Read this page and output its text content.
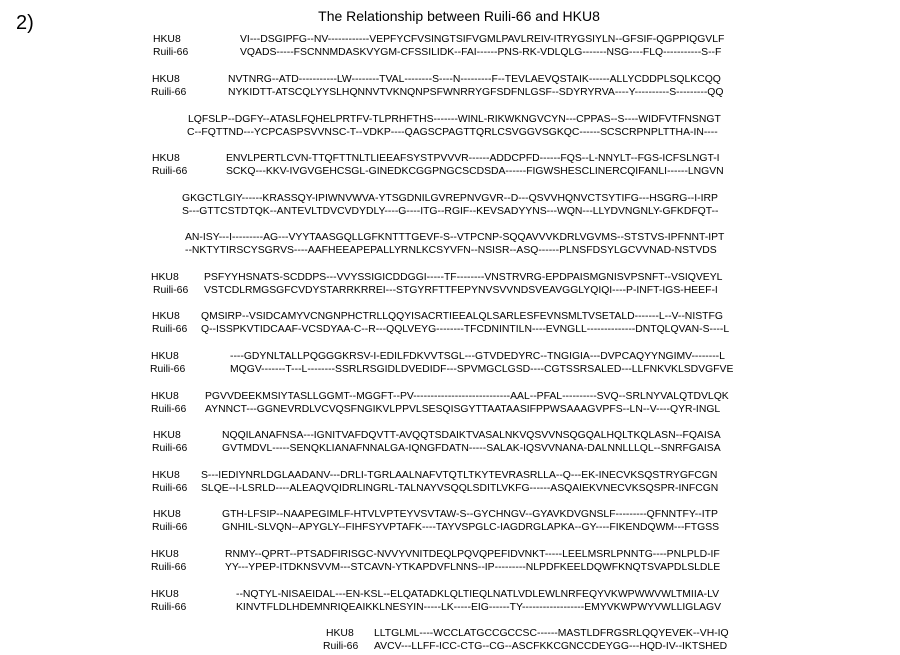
2)	The Relationship between Ruili-66 and HKU8
HKU8	VI---DSGIPFG--NV------------VEPFYCFVSINGTSIFVGMLPAVLREIV-ITRYGSIYLN--GFSIF-QGPPIQGVLF
Ruili-66	VQADS-----FSCNNMDASKVYGM-CFSSILIDK--FAI------PNS-RK-VDLQLG-------NSG----FLQ-----------S--F
HKU8	NVTNRG--ATD-----------LW--------TVAL--------S----N---------F--TEVLAEVQSTAIK------ALLYCDDPLSQLKCQQ
Ruili-66	NYKIDTT-ATSCQLYYSLHQNNVTVKNQNPSFWNRRYGFSDFNLGSF--SDYRYRVA----Y----------S---------QQ
LQFSLP--DGFY--ATASLFQHELPRTFV-TLPRHFTHS-------WINL-RIKWKNGVCYN---CPPAS--S----WIDFVTFNSNGT
C--FQTTND---YCPCASPSVVNSC-T--VDKP----QAGSCPAGTTQRLCSVGGVSGKQC------SCSCRPNPLTTHA-IN----
HKU8	ENVLPERTLCVN-TTQFTTNLTLIEEAFSYSTPVVVR------ADDCPFD------FQS--L-NNYLT--FGS-ICFSLNGT-I
Ruili-66	SCKQ---KKV-IVGVGEHCSGL-GINEDKCGGPNGCSCDSDA------FIGWSHESCLINERCQIFANLI------LNGVN
GKGCTLGIY------KRASSQY-IPIWNVWVA-YTSGDNILGVREPNVGVR--D---QSVVHQNVCTSYTIFG---HSGRG--I-IRP
S---GTTCSTDTQK--ANTEVLTDVCVDYDLY----G----ITG--RGIF--KEVSADYYNS---WQN---LLYDVNGNLY-GFKDFQT--
AN-ISY---I---------AG---VYYTAASGQLLGFKNTTTGEVF-S--VTPCNP-SQQAVVVKDRLVGVMS--STSTVS-IPFNNT-IPT
--NKTYTIRSCYSGRVS----AAFHEEAPEPALLYRNLKCSYVFN--NSISR--ASQ------PLNSFDSYLGCVVNAD-NSTVDS
HKU8 PSFYYHSNATS-SCDDPS---VVYSSIGICDDGGI-----TF--------VNSTRVRG-EPDPAISMGNISVPSNFT--VSIQVEYL
Ruili-66 VSTCDLRMGSGFCVDYSTARRKRREI---STGYRFTTFEPYNVSVVNDSVEAVGGLYQIQI----P-INFT-IGS-HEEF-I
HKU8 QMSIRP--VSIDCAMYVCNGNPHCTRLLQQYISACRTIEEALQLSARLESFEVNSMLTVSETALD-------L--V--NISTFG
Ruili-66 Q--ISSPKVTIDCAAF-VCSDYAA-C--R---QQLVEYG--------TFCDNINTILN----EVNGLL--------------DNTQLQVAN-S----L
HKU8	----GDYNLTALLPQGGGKRSV-I-EDILFDKVVTSGL---GTVDEDYRC--TNGIGIA---DVPCAQYYNGIMV--------L
Ruili-66	MQGV-------T---L--------SSRLRSGIDLDVEDIDF---SPVMGCLGSD----CGTSSRSALED---LLFNKVKLSDVGFVE
HKU8	PGVVDEEKMSIYTASLLGGMT--MGGFT--PV----------------------------AAL--PFAL----------SVQ--SRLNYVALQTDVLQK
Ruili-66 AYNNCT---GGNEVRDLVCVQSFNGIKVLPPVLSESQISGYTTAATAASIFPPWSAAAGVPFS--LN--V----QYR-INGL
HKU8	NQQILANAFNSA---IGNITVAFDQVTT-AVQQTSDAIKTVASALNKVQSVVNSQGQALHQLTKQLASN--FQAISA
Ruili-66	GVTMDVL-----SENQKLIANAFNNALGA-IQNGFDATN-----SALAK-IQSVVNANA-DALNNLLLQL--SNRFGAISA
HKU8 S---IEDIYNRLDGLAADANV---DRLI-TGRLAALNAFVTQTLTKYTEVRASRLLA--Q---EK-INECVKSQSTRYGFCGN
Ruili-66 SLQE--I-LSRLD----ALEAQVQIDRLINGRL-TALNAYVSQQLSDITLVKFG------ASQAIEKVNECVKSQSPR-INFCGN
HKU8	GTH-LFSIP--NAAPEGIMLF-HTVLVPTEYVSVTAW-S--GYCHNGV--GYAVKDVGNSLF---------QFNNTFY--ITP
Ruili-66	GNHIL-SLVQN--APYGLY--FIHFSYVPTAFK----TAYVSPGLC-IAGDRGLAPKA--GY----FIKENDQWM---FTGSS
HKU8	RNMY--QPRT--PTSADFIRISGC-NVVYVNITDEQLPQVQPEFIDVNKT-----LEELMSRLPNNTG----PNLPLD-IF
Ruili-66	YY---YPEP-ITDKNSVVM---STCAVN-YTKAPDVFLNNS--IP---------NLPDFKEELDQWFKNQTSVAPDLSLDLE
HKU8	--NQTYL-NISAEIDAL---EN-KSL--ELQATADKLQLTIEQLNATLVDLEWLNRFEQYVKWPWWVWLTMIIA-LV
Ruili-66	KINVTFLDLHDEMNRIQEAIKKLNESYIN-----LK-----EIG------TY------------------EMYVKWPWYVWLLIGLAGV
HKU8 LLTGLML----WCCLATGCCGCCSC------MASTLDFRGSRLQQYEVEK--VH-IQ
Ruili-66 AVCV---LLFF-ICC-CTG--CG--ASCFKKCGNCCDEYGG---HQD-IV--IKTSHED
